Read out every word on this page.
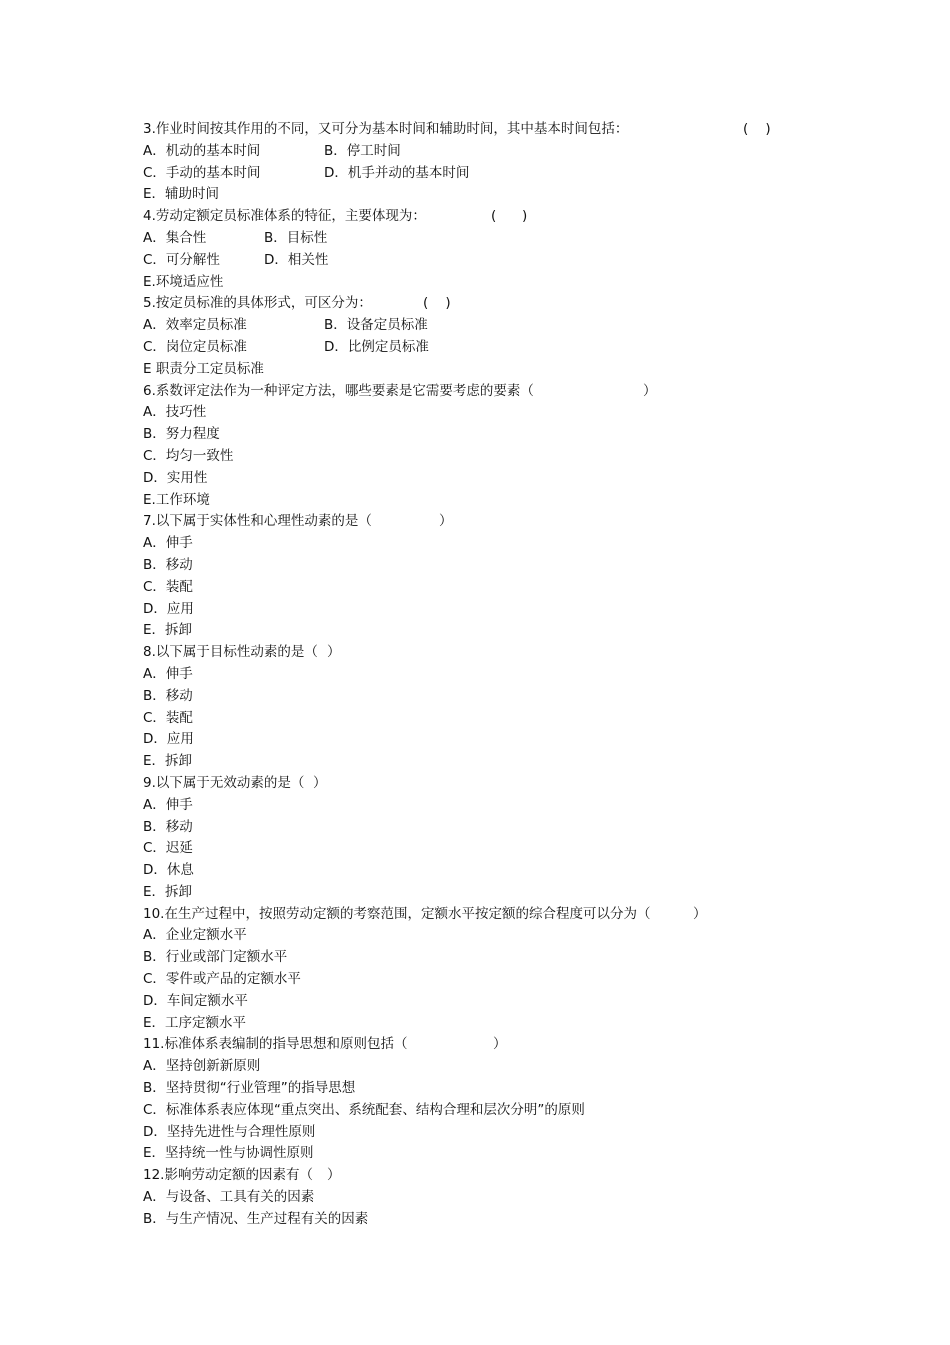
3.作业时间按其作用的不同，又可分为基本时间和辅助时间，其中基本时间包括：	(    )
A．机动的基本时间	B．停工时间
C．手动的基本时间	D．机手并动的基本时间
E．辅助时间
4.劳动定额定员标准体系的特征，主要体现为：	(      )
A．集合性	B．目标性
C．可分解性	D．相关性
E.环境适应性
5.按定员标准的具体形式，可区分为：	(    )
A．效率定员标准	B．设备定员标准
C．岗位定员标准	D．比例定员标准
E 职责分工定员标准
6.系数评定法作为一种评定方法，哪些要素是它需要考虑的要素（	）
A．技巧性
B．努力程度
C．均匀一致性
D．实用性
E.工作环境
7.以下属于实体性和心理性动素的是（	）
A．伸手
B．移动
C．装配
D．应用
E．拆卸
8.以下属于目标性动素的是（ ）
A．伸手
B．移动
C．装配
D．应用
E．拆卸
9.以下属于无效动素的是（ ）
A．伸手
B．移动
C．迟延
D．休息
E．拆卸
10.在生产过程中，按照劳动定额的考察范围，定额水平按定额的综合程度可以分为（	）
A．企业定额水平
B．行业或部门定额水平
C．零件或产品的定额水平
D．车间定额水平
E．工序定额水平
11.标准体系表编制的指导思想和原则包括（	）
A．坚持创新新原则
B．坚持贯彻“行业管理”的指导思想
C．标准体系表应体现“重点突出、系统配套、结构合理和层次分明”的原则
D．坚持先进性与合理性原则
E．坚持统一性与协调性原则
12.影响劳动定额的因素有（ ）
A．与设备、工具有关的因素
B．与生产情况、生产过程有关的因素
